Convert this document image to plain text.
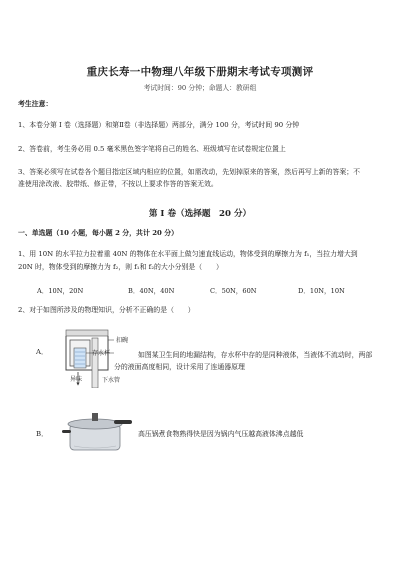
重庆长寿一中物理八年级下册期末考试专项测评
考试时间：90 分钟；命题人：教研组
考生注意：
1、本卷分第 I 卷（选择题）和第Ⅱ卷（非选择题）两部分，满分 100 分，考试时间 90 分钟
2、答卷前，考生务必用 0.5 毫米黑色签字笔将自己的姓名、班级填写在试卷规定位置上
3、答案必须写在试卷各个题目指定区域内相应的位置，如需改动，先划掉原来的答案，然后再写上新的答案；不准使用涂改液、胶带纸、修正带，不按以上要求作答的答案无效。
第 I 卷（选择题　20 分）
一、单选题（10 小题，每小题 2 分，共计 20 分）
1、用 10N 的水平拉力拉着重 40N 的物体在水平面上做匀速直线运动，物体受到的摩擦力为 f₁，当拉力增大到 20N 时，物体受到的摩擦力为 f₂，则 f₁和 f₂的大小分别是（　　）
A．10N，20N	B．40N，40N	C．50N，60N	D．10N，10N
2、对于如图所涉及的物理知识，分析不正确的是（　　）
A．
扣碗
存水杯
异味	下水管
如图某卫生间的地漏结构，存水杯中存的是同种液体，当液体不流动时，两部分的液面高度相同，设计采用了连通器原理
B．	高压锅煮食物熟得快是因为锅内气压越高液体沸点越低
